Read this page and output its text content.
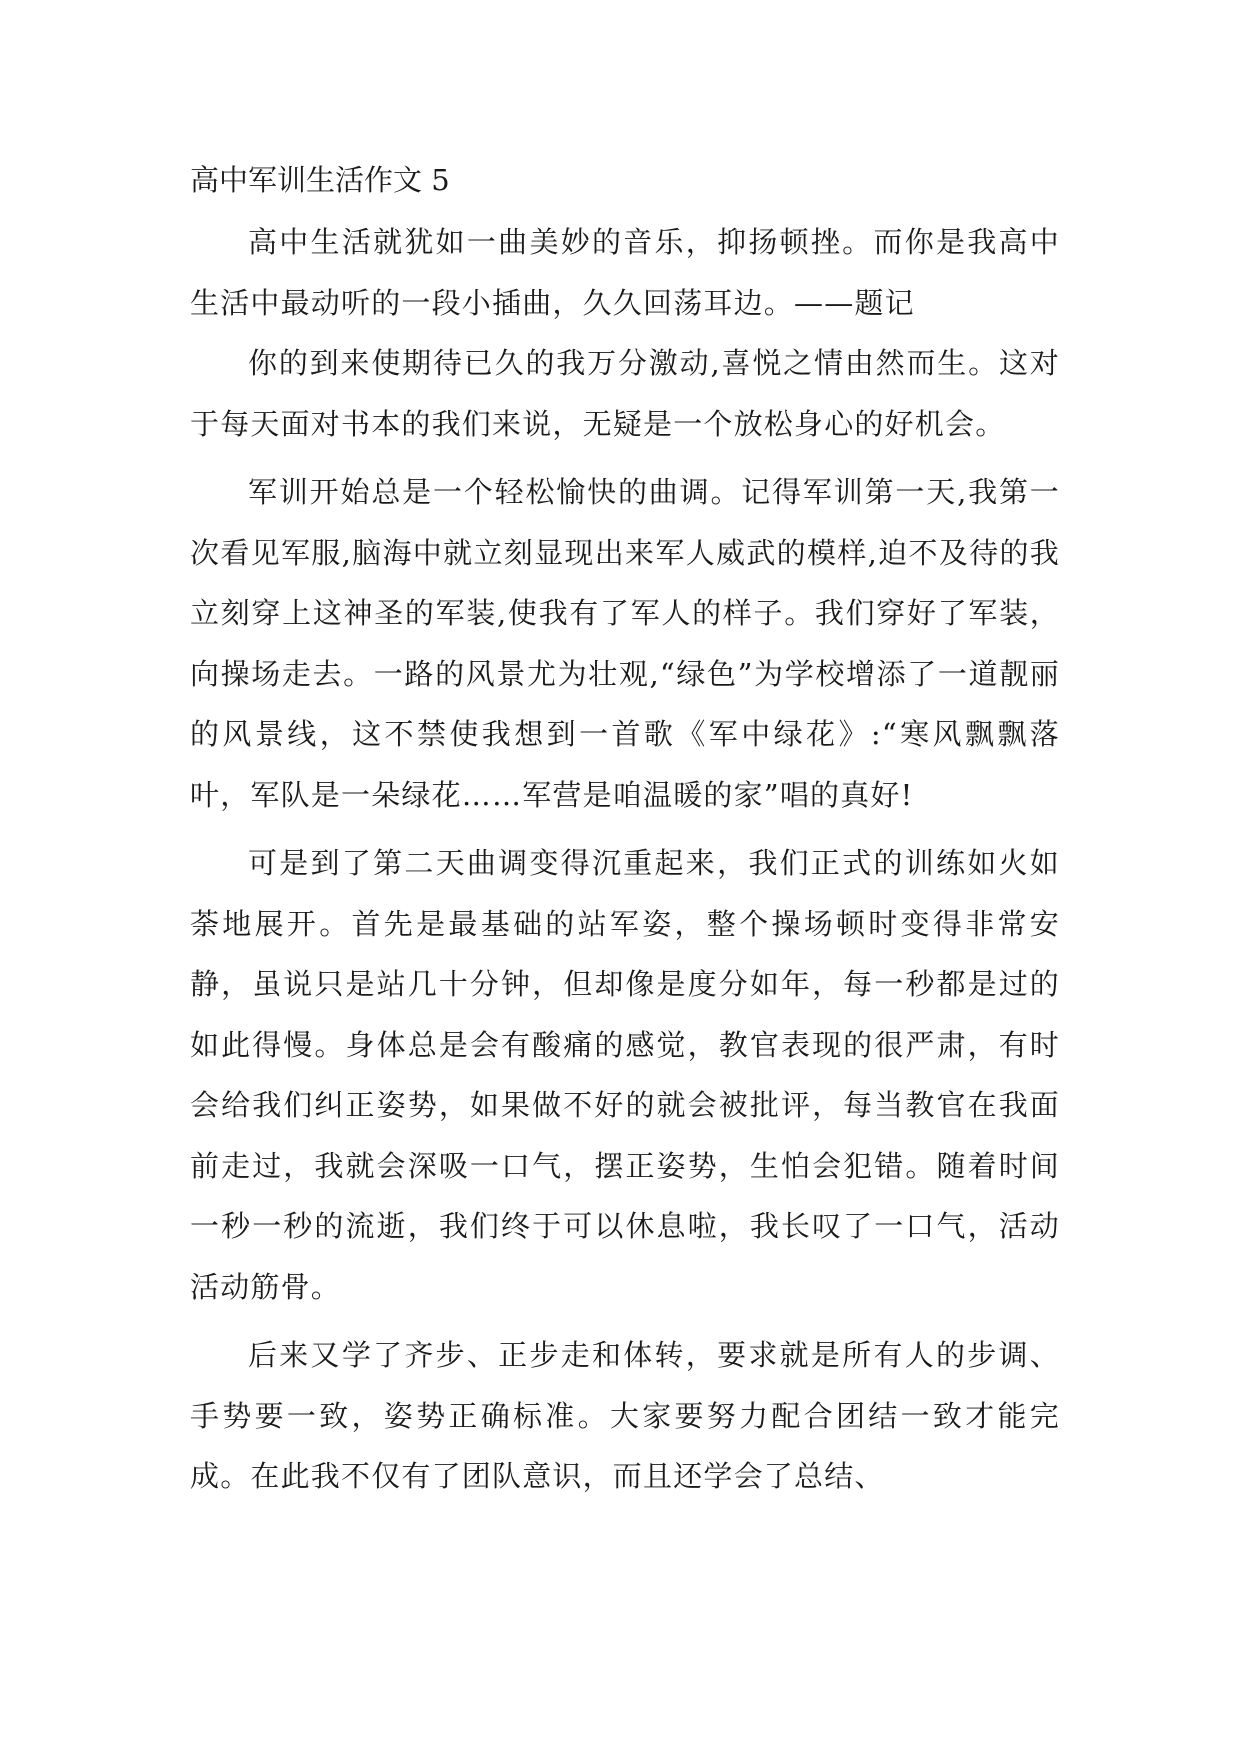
高中军训生活作文 5

高中生活就犹如一曲美妙的音乐，抑扬顿挫。而你是我高中生活中最动听的一段小插曲，久久回荡耳边。——题记

你的到来使期待已久的我万分激动,喜悦之情由然而生。这对于每天面对书本的我们来说，无疑是一个放松身心的好机会。

军训开始总是一个轻松愉快的曲调。记得军训第一天,我第一次看见军服,脑海中就立刻显现出来军人威武的模样,迫不及待的我立刻穿上这神圣的军装,使我有了军人的样子。我们穿好了军装，向操场走去。一路的风景尤为壮观,“绿色”为学校增添了一道靓丽的风景线，这不禁使我想到一首歌《军中绿花》:“寒风飘飘落叶，军队是一朵绿花……军营是咱温暖的家”唱的真好!

可是到了第二天曲调变得沉重起来，我们正式的训练如火如荼地展开。首先是最基础的站军姿，整个操场顿时变得非常安静，虽说只是站几十分钟，但却像是度分如年，每一秒都是过的如此得慢。身体总是会有酸痛的感觉，教官表现的很严肃，有时会给我们纠正姿势，如果做不好的就会被批评，每当教官在我面前走过，我就会深吸一口气，摆正姿势，生怕会犯错。随着时间一秒一秒的流逝，我们终于可以休息啦，我长叹了一口气，活动活动筋骨。

后来又学了齐步、正步走和体转，要求就是所有人的步调、手势要一致，姿势正确标准。大家要努力配合团结一致才能完成。在此我不仅有了团队意识，而且还学会了总结、
